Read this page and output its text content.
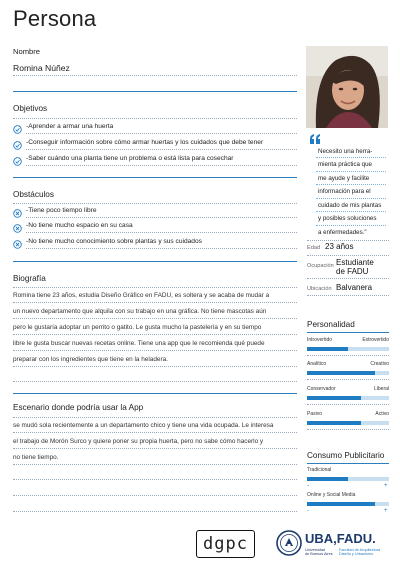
Persona
Nombre
Romina Núñez
Objetivos
-Aprender a armar una huerta
-Conseguir información sobre cómo armar huertas y los cuidados que debe tener
-Saber cuándo una planta tiene un problema o está lista para cosechar
Obstáculos
-Tiene poco tiempo libre
-No tiene mucho espacio en su casa
-No tiene mucho conocimiento sobre plantas y sus cuidados
Biografía
Romina tiene 23 años, estudia Diseño Gráfico en FADU, es soltera y se acaba de mudar a
un nuevo departamento que alquila con su trabajo en una gráfica. No tiene mascotas aún
pero le gustaría adoptar un perrito o gatito. Le gusta mucho la pastelería y en su tiempo
libre le gusta buscar nuevas recetas online. Tiene una app que le recomienda qué puede
preparar con los ingredientes que tiene en la heladera.
Escenario donde podría usar la App
se mudó sola recientemente a un departamento chico y tiene una vida ocupada. Le interesa
el trabajo de Morón Surco y quiere poner su propia huerta, pero no sabe cómo hacerlo y
no tiene tiempo.
Necesito una herra-
mienta práctica que
me ayude y facilite
información para el
cuidado de mis plantas
y posibles soluciones
a enfermedades."
Edad 23 años
Ocupación Estudiante
de FADU
Ubicación Balvanera
Personalidad
Introvertido	Extrovertido
Analítico	Creativo
Conservador	Liberal
Pasivo	Activo
Consumo Publicitario
Tradicional
-	+
Online y Social Media
-	+
dgpc	UBA,FADU.
Universidad
de Buenos Aires
Facultad de Arquitectura
Diseño y Urbanismo
